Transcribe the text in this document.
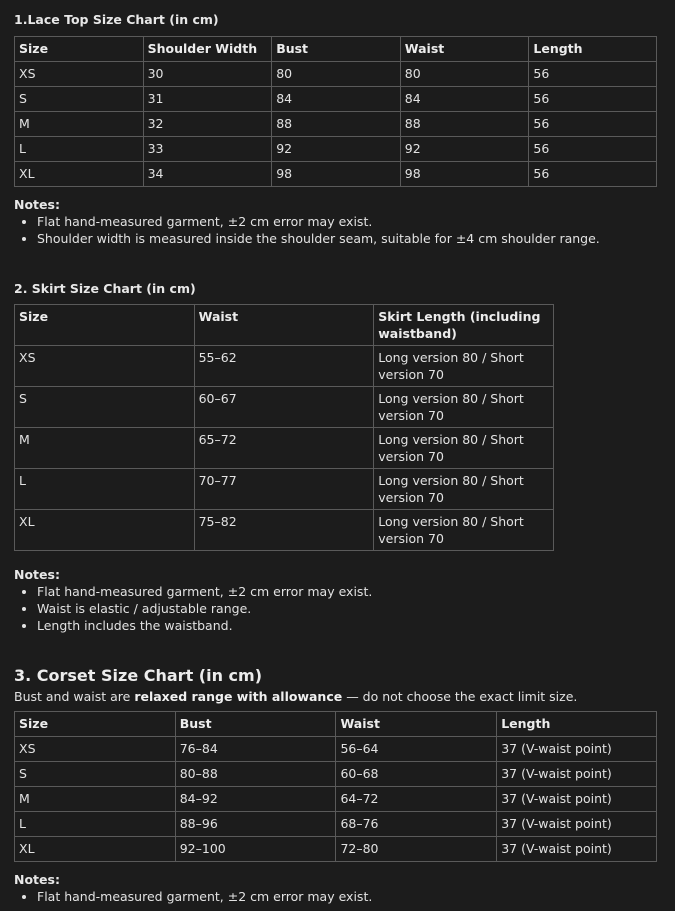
1.Lace Top Size Chart (in cm)
Size	Shoulder Width	Bust	Waist	Length
XS	30	80	80	56
S	31	84	84	56
M	32	88	88	56
L	33	92	92	56
XL	34	98	98	56
Notes:
• Flat hand-measured garment, ±2 cm error may exist.
• Shoulder width is measured inside the shoulder seam, suitable for ±4 cm shoulder range.
2. Skirt Size Chart (in cm)
Size	Waist	Skirt Length (including waistband)
XS	55–62	Long version 80 / Short version 70
S	60–67	Long version 80 / Short version 70
M	65–72	Long version 80 / Short version 70
L	70–77	Long version 80 / Short version 70
XL	75–82	Long version 80 / Short version 70
Notes:
• Flat hand-measured garment, ±2 cm error may exist.
• Waist is elastic / adjustable range.
• Length includes the waistband.
3. Corset Size Chart (in cm)
Bust and waist are relaxed range with allowance — do not choose the exact limit size.
Size	Bust	Waist	Length
XS	76–84	56–64	37 (V-waist point)
S	80–88	60–68	37 (V-waist point)
M	84–92	64–72	37 (V-waist point)
L	88–96	68–76	37 (V-waist point)
XL	92–100	72–80	37 (V-waist point)
Notes:
• Flat hand-measured garment, ±2 cm error may exist.
